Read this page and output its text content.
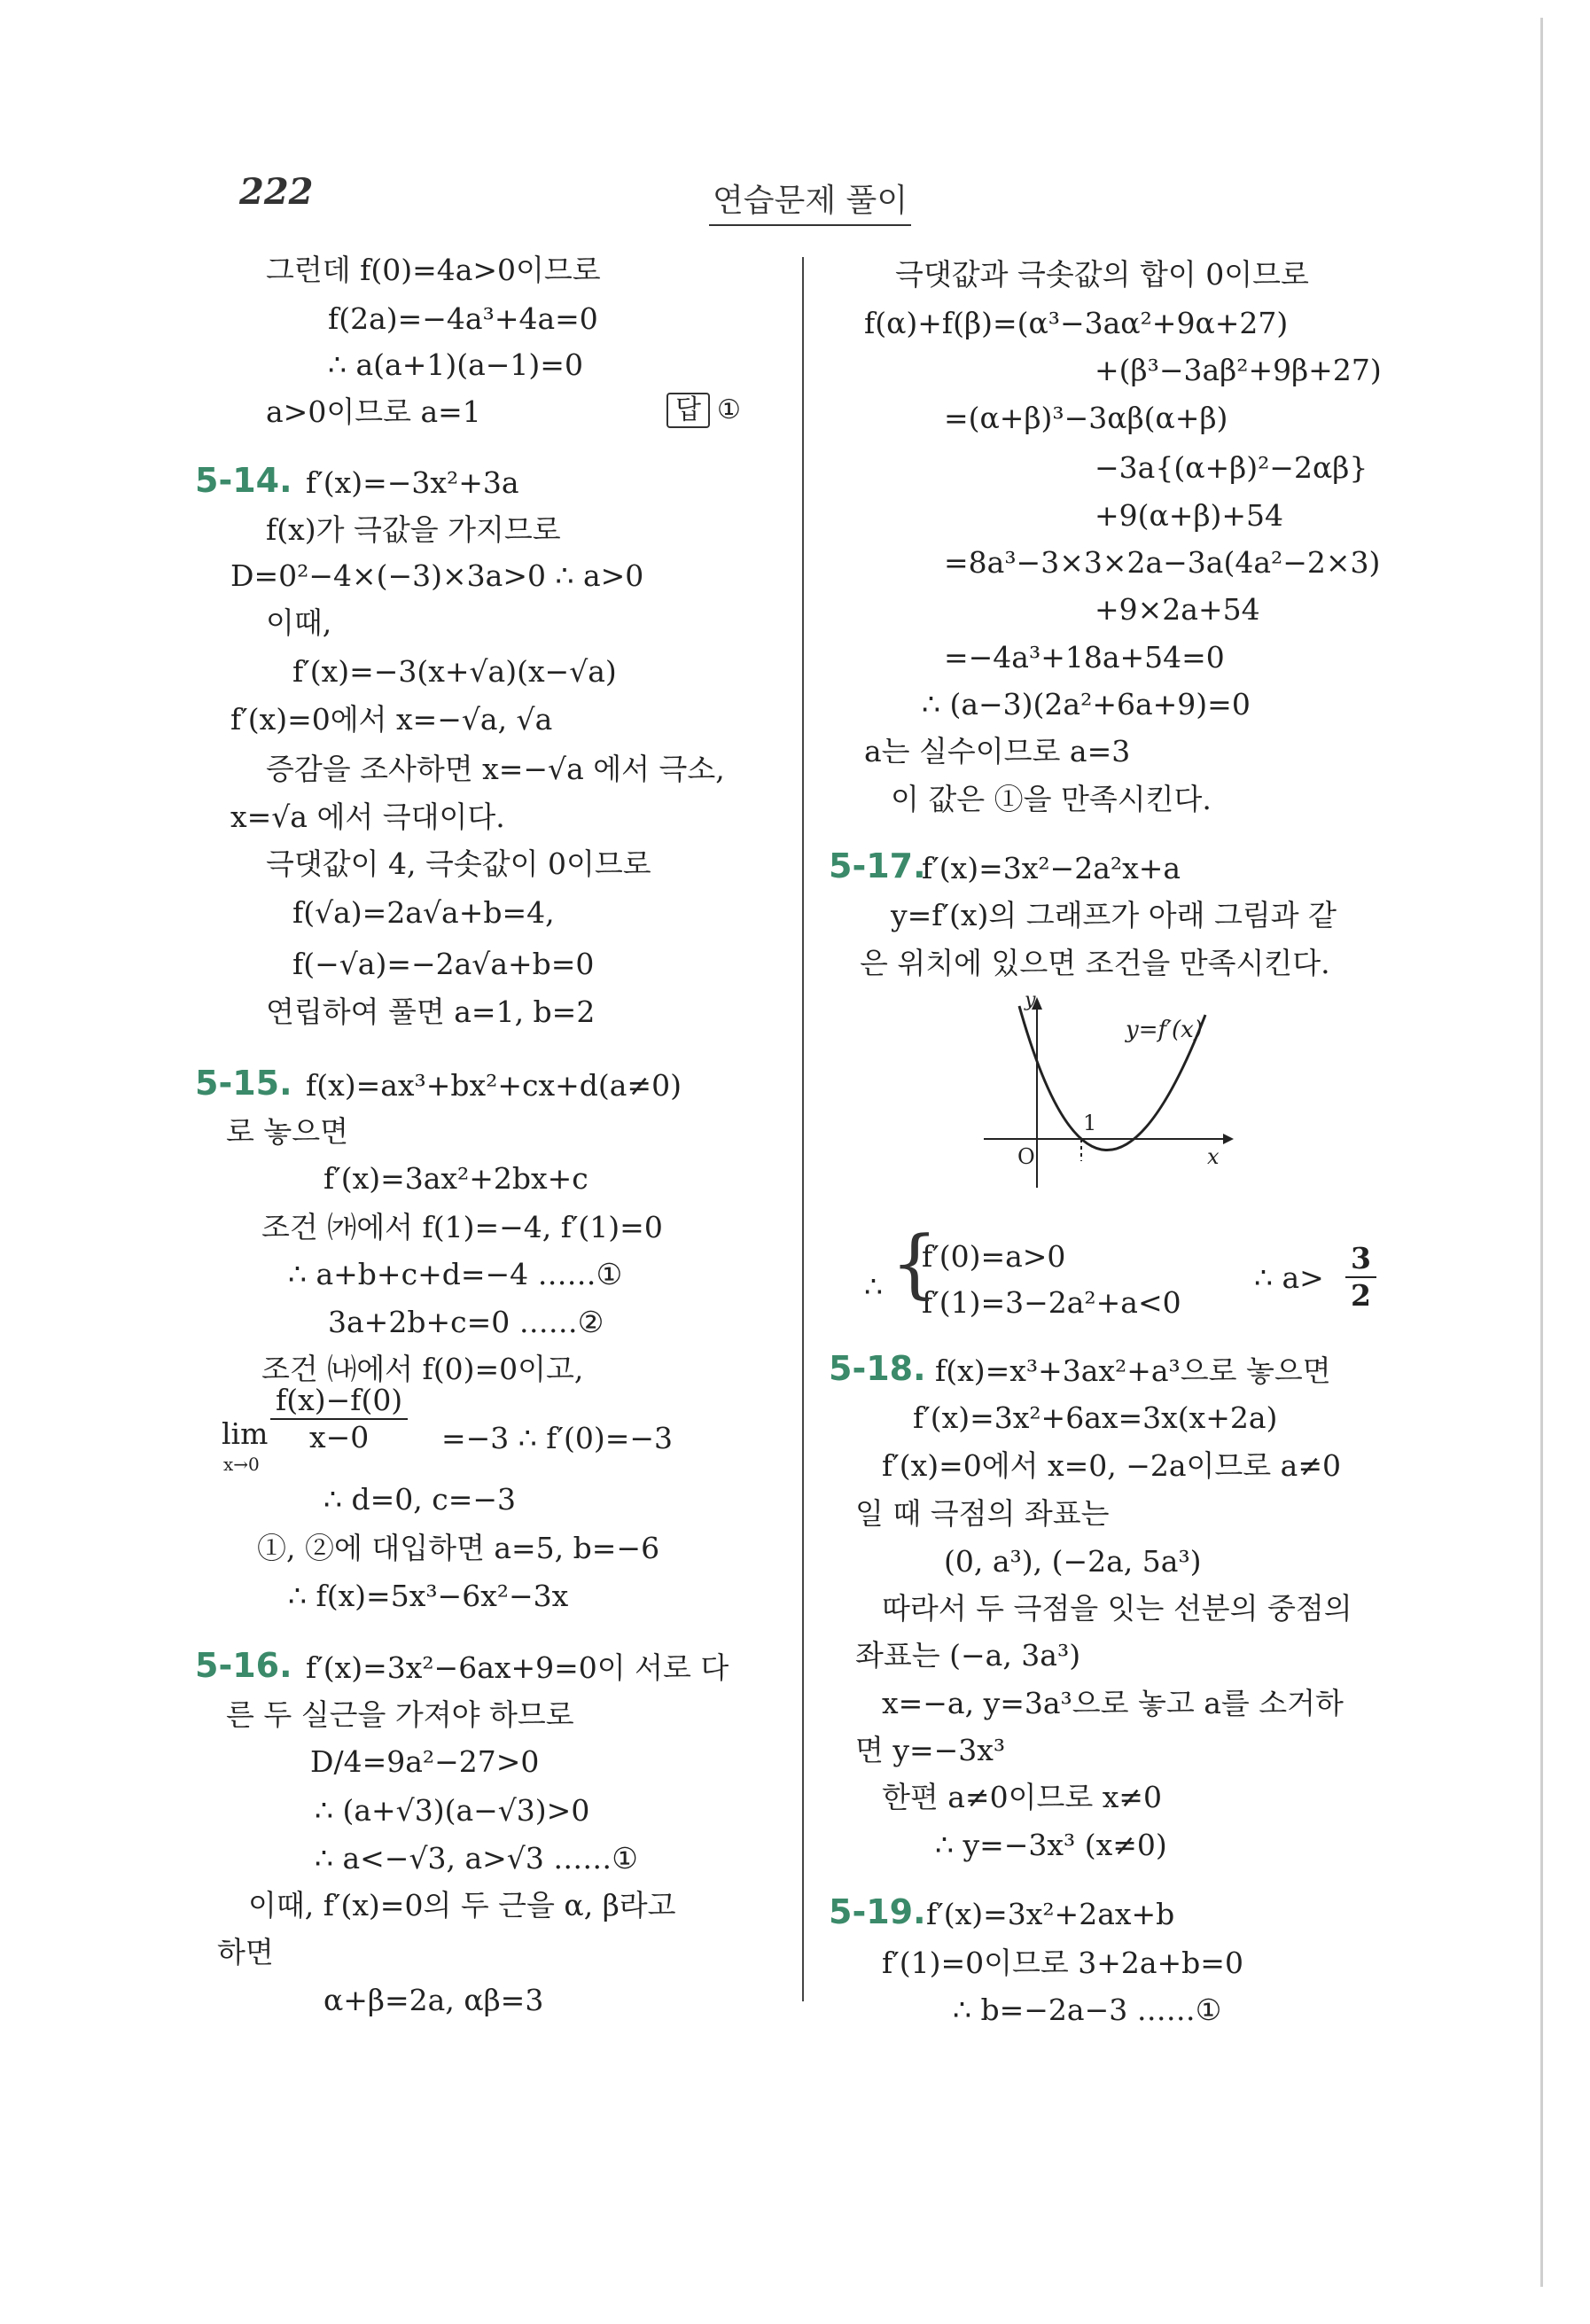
222	연습문제 풀이
그런데 f(0)=4a>0이므로
f(2a)=−4a³+4a=0
∴ a(a+1)(a−1)=0
a>0이므로 a=1
f′(x)=−3x²+3a
f(x)가 극값을 가지므로
D=0²−4×(−3)×3a>0 ∴ a>0
이때,
f′(x)=−3(x+√a)(x−√a)
f′(x)=0에서 x=−√a, √a
증감을 조사하면 x=−√a 에서 극소,
x=√a 에서 극대이다.
극댓값이 4, 극솟값이 0이므로
f(√a)=2a√a+b=4,
f(−√a)=−2a√a+b=0
연립하여 풀면 a=1, b=2
f(x)=ax³+bx²+cx+d(a≠0)
로 놓으면
f′(x)=3ax²+2bx+c
조건 ㈎에서 f(1)=−4, f′(1)=0
∴ a+b+c+d=−4 ……①
3a+2b+c=0 ……②
조건 ㈏에서 f(0)=0이고,
=−3 ∴ f′(0)=−3
∴ d=0, c=−3
①, ②에 대입하면 a=5, b=−6
∴ f(x)=5x³−6x²−3x
f′(x)=3x²−6ax+9=0이 서로 다
른 두 실근을 가져야 하므로
D/4=9a²−27>0
∴ (a+√3)(a−√3)>0
∴ a<−√3, a>√3 ……①
이때, f′(x)=0의 두 근을 α, β라고
하면
α+β=2a, αβ=3
5-14.
5-15.
5-16.
극댓값과 극솟값의 합이 0이므로
f(α)+f(β)=(α³−3aα²+9α+27)
+(β³−3aβ²+9β+27)
=(α+β)³−3αβ(α+β)
−3a{(α+β)²−2αβ}
+9(α+β)+54
=8a³−3×3×2a−3a(4a²−2×3)
+9×2a+54
=−4a³+18a+54=0
∴ (a−3)(2a²+6a+9)=0
a는 실수이므로 a=3
이 값은 ①을 만족시킨다.
f′(x)=3x²−2a²x+a
y=f′(x)의 그래프가 아래 그림과 같
은 위치에 있으면 조건을 만족시킨다.
∴
f′(0)=a>0
f′(1)=3−2a²+a<0
∴ a>
f(x)=x³+3ax²+a³으로 놓으면
f′(x)=3x²+6ax=3x(x+2a)
f′(x)=0에서 x=0, −2a이므로 a≠0
일 때 극점의 좌표는
(0, a³), (−2a, 5a³)
따라서 두 극점을 잇는 선분의 중점의
좌표는 (−a, 3a³)
x=−a, y=3a³으로 놓고 a를 소거하
면 y=−3x³
한편 a≠0이므로 x≠0
∴ y=−3x³ (x≠0)
f′(x)=3x²+2ax+b
f′(1)=0이므로 3+2a+b=0
∴ b=−2a−3 ……①
5-17.
5-18.
5-19.
답 ①
lim
x→0
$\frac{f(x)-f(0)}{x-0}$
{	$\frac{3}{2}$
y
x
O
1
y=f′(x)
